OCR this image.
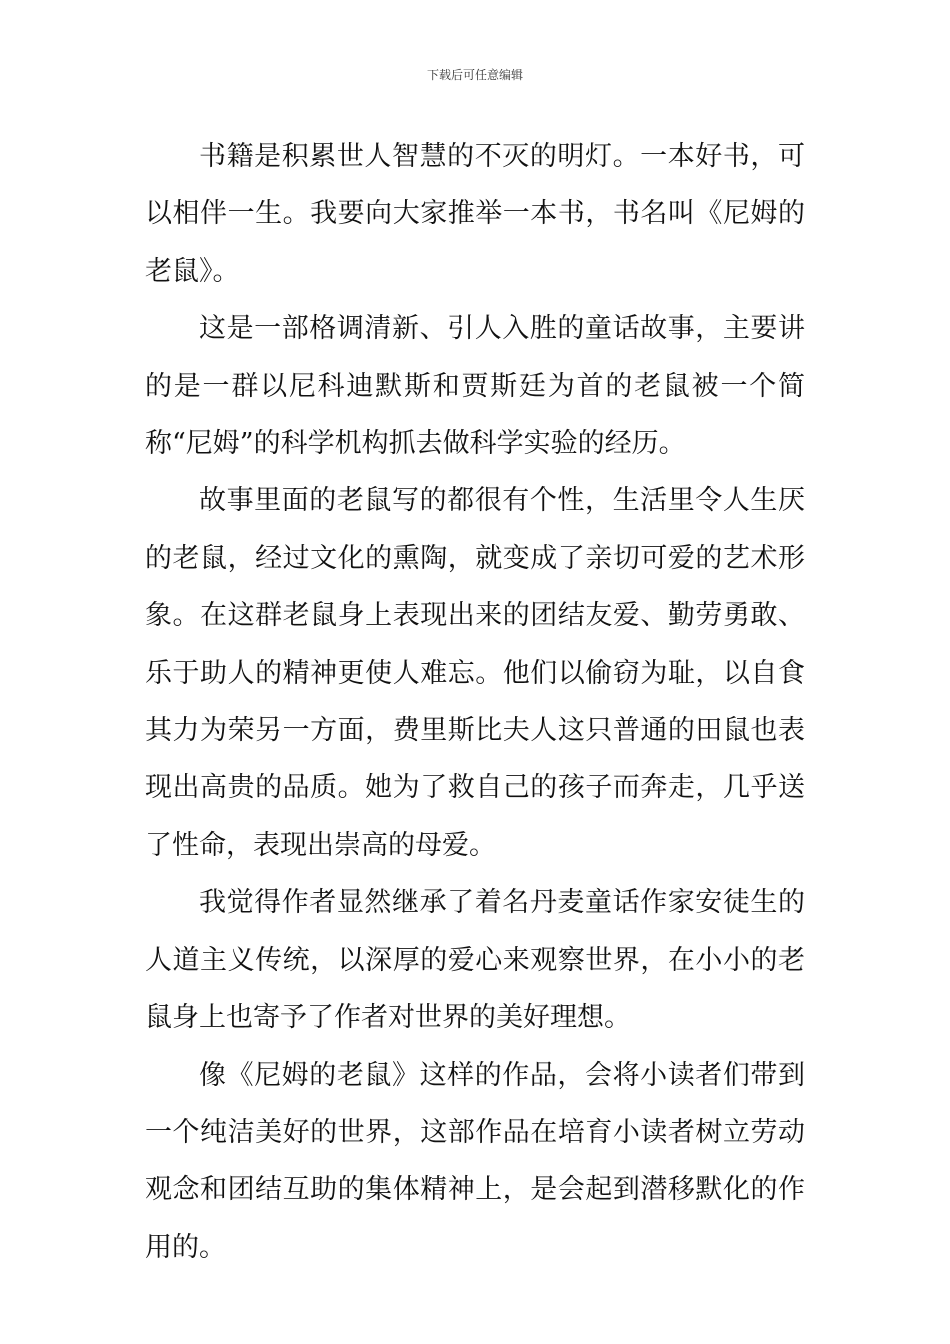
下载后可任意编辑

书籍是积累世人智慧的不灭的明灯。一本好书，可以相伴一生。我要向大家推举一本书，书名叫《尼姆的老鼠》。

这是一部格调清新、引人入胜的童话故事，主要讲的是一群以尼科迪默斯和贾斯廷为首的老鼠被一个简称“尼姆”的科学机构抓去做科学实验的经历。

故事里面的老鼠写的都很有个性，生活里令人生厌的老鼠，经过文化的熏陶，就变成了亲切可爱的艺术形象。在这群老鼠身上表现出来的团结友爱、勤劳勇敢、乐于助人的精神更使人难忘。他们以偷窃为耻，以自食其力为荣另一方面，费里斯比夫人这只普通的田鼠也表现出高贵的品质。她为了救自己的孩子而奔走，几乎送了性命，表现出崇高的母爱。

我觉得作者显然继承了着名丹麦童话作家安徒生的人道主义传统，以深厚的爱心来观察世界，在小小的老鼠身上也寄予了作者对世界的美好理想。

像《尼姆的老鼠》这样的作品，会将小读者们带到一个纯洁美好的世界，这部作品在培育小读者树立劳动观念和团结互助的集体精神上，是会起到潜移默化的作用的。
